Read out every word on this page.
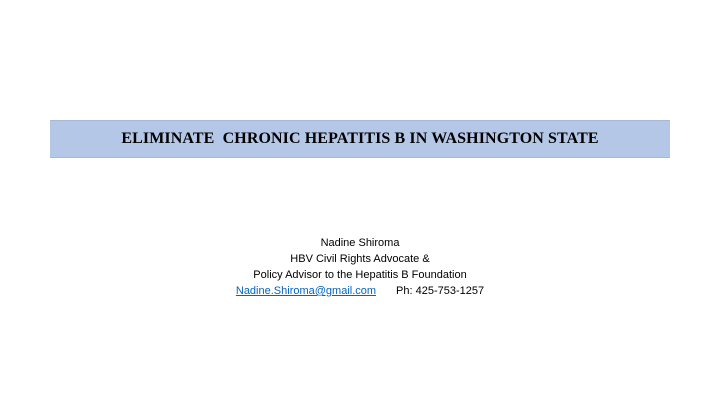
ELIMINATE  CHRONIC HEPATITIS B IN WASHINGTON STATE
Nadine Shiroma
HBV Civil Rights Advocate &
Policy Advisor to the Hepatitis B Foundation
Nadine.Shiroma@gmail.com Ph: 425-753-1257
